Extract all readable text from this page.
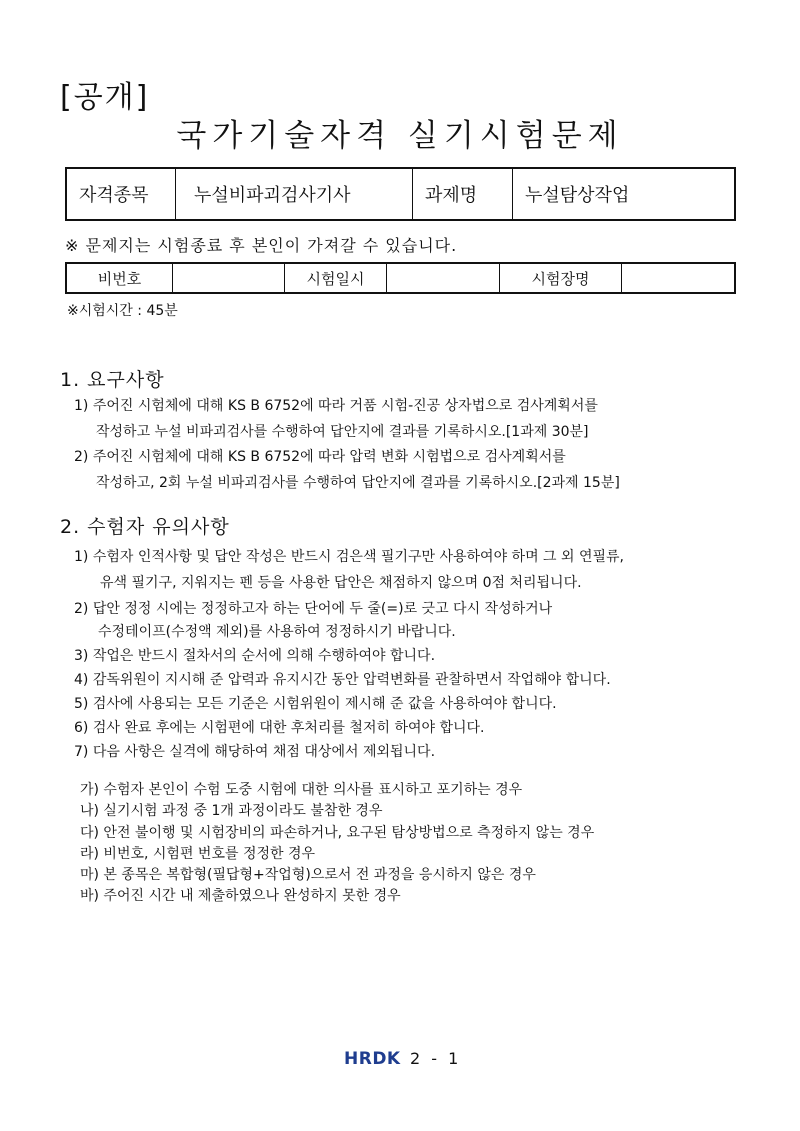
[공개]
국가기술자격 실기시험문제
자격종목	누설비파괴검사기사	과제명	누설탐상작업
※ 문제지는 시험종료 후 본인이 가져갈 수 있습니다.
비번호		시험일시		시험장명	
※시험시간 : 45분
1. 요구사항
1) 주어진 시험체에 대해 KS B 6752에 따라 거품 시험-진공 상자법으로 검사계획서를
작성하고 누설 비파괴검사를 수행하여 답안지에 결과를 기록하시오.[1과제 30분]
2) 주어진 시험체에 대해 KS B 6752에 따라 압력 변화 시험법으로 검사계획서를
작성하고, 2회 누설 비파괴검사를 수행하여 답안지에 결과를 기록하시오.[2과제 15분]
2. 수험자 유의사항
1) 수험자 인적사항 및 답안 작성은 반드시 검은색 필기구만 사용하여야 하며 그 외 연필류,
유색 필기구, 지워지는 펜 등을 사용한 답안은 채점하지 않으며 0점 처리됩니다.
2) 답안 정정 시에는 정정하고자 하는 단어에 두 줄(=)로 긋고 다시 작성하거나
수정테이프(수정액 제외)를 사용하여 정정하시기 바랍니다.
3) 작업은 반드시 절차서의 순서에 의해 수행하여야 합니다.
4) 감독위원이 지시해 준 압력과 유지시간 동안 압력변화를 관찰하면서 작업해야 합니다.
5) 검사에 사용되는 모든 기준은 시험위원이 제시해 준 값을 사용하여야 합니다.
6) 검사 완료 후에는 시험편에 대한 후처리를 철저히 하여야 합니다.
7) 다음 사항은 실격에 해당하여 채점 대상에서 제외됩니다.
가) 수험자 본인이 수험 도중 시험에 대한 의사를 표시하고 포기하는 경우
나) 실기시험 과정 중 1개 과정이라도 불참한 경우
다) 안전 불이행 및 시험장비의 파손하거나, 요구된 탐상방법으로 측정하지 않는 경우
라) 비번호, 시험편 번호를 정정한 경우
마) 본 종목은 복합형(필답형+작업형)으로서 전 과정을 응시하지 않은 경우
바) 주어진 시간 내 제출하였으나 완성하지 못한 경우
HRDK 2 - 1
